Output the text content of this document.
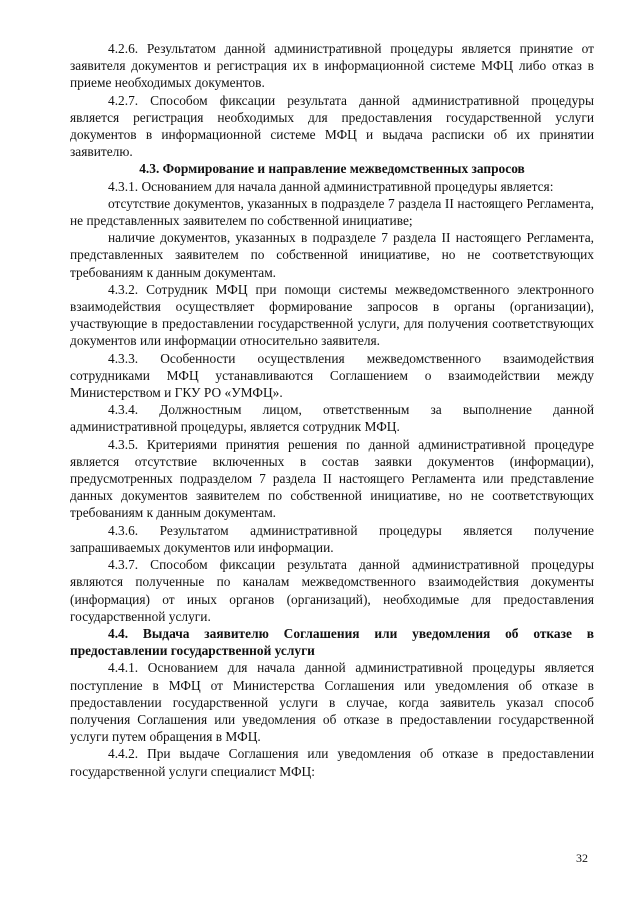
4.2.6. Результатом данной административной процедуры является принятие от заявителя документов и регистрация их в информационной системе МФЦ либо отказ в приеме необходимых документов.

4.2.7. Способом фиксации результата данной административной процедуры является регистрация необходимых для предоставления государственной услуги документов в информационной системе МФЦ и выдача расписки об их принятии заявителю.

4.3. Формирование и направление межведомственных запросов

4.3.1. Основанием для начала данной административной процедуры является:

отсутствие документов, указанных в подразделе 7 раздела II настоящего Регламента, не представленных заявителем по собственной инициативе;

наличие документов, указанных в подразделе 7 раздела II настоящего Регламента, представленных заявителем по собственной инициативе, но не соответствующих требованиям к данным документам.

4.3.2. Сотрудник МФЦ при помощи системы межведомственного электронного взаимодействия осуществляет формирование запросов в органы (организации), участвующие в предоставлении государственной услуги, для получения соответствующих документов или информации относительно заявителя.

4.3.3. Особенности осуществления межведомственного взаимодействия сотрудниками МФЦ устанавливаются Соглашением о взаимодействии между Министерством и ГКУ РО «УМФЦ».

4.3.4. Должностным лицом, ответственным за выполнение данной административной процедуры, является сотрудник МФЦ.

4.3.5. Критериями принятия решения по данной административной процедуре является отсутствие включенных в состав заявки документов (информации), предусмотренных подразделом 7 раздела II настоящего Регламента или представление данных документов заявителем по собственной инициативе, но не соответствующих требованиям к данным документам.

4.3.6. Результатом административной процедуры является получение запрашиваемых документов или информации.

4.3.7. Способом фиксации результата данной административной процедуры являются полученные по каналам межведомственного взаимодействия документы (информация) от иных органов (организаций), необходимые для предоставления государственной услуги.

4.4. Выдача заявителю Соглашения или уведомления об отказе в предоставлении государственной услуги

4.4.1. Основанием для начала данной административной процедуры является поступление в МФЦ от Министерства Соглашения или уведомления об отказе в предоставлении государственной услуги в случае, когда заявитель указал способ получения Соглашения или уведомления об отказе в предоставлении государственной услуги путем обращения в МФЦ.

4.4.2. При выдаче Соглашения или уведомления об отказе в предоставлении государственной услуги специалист МФЦ:

32
